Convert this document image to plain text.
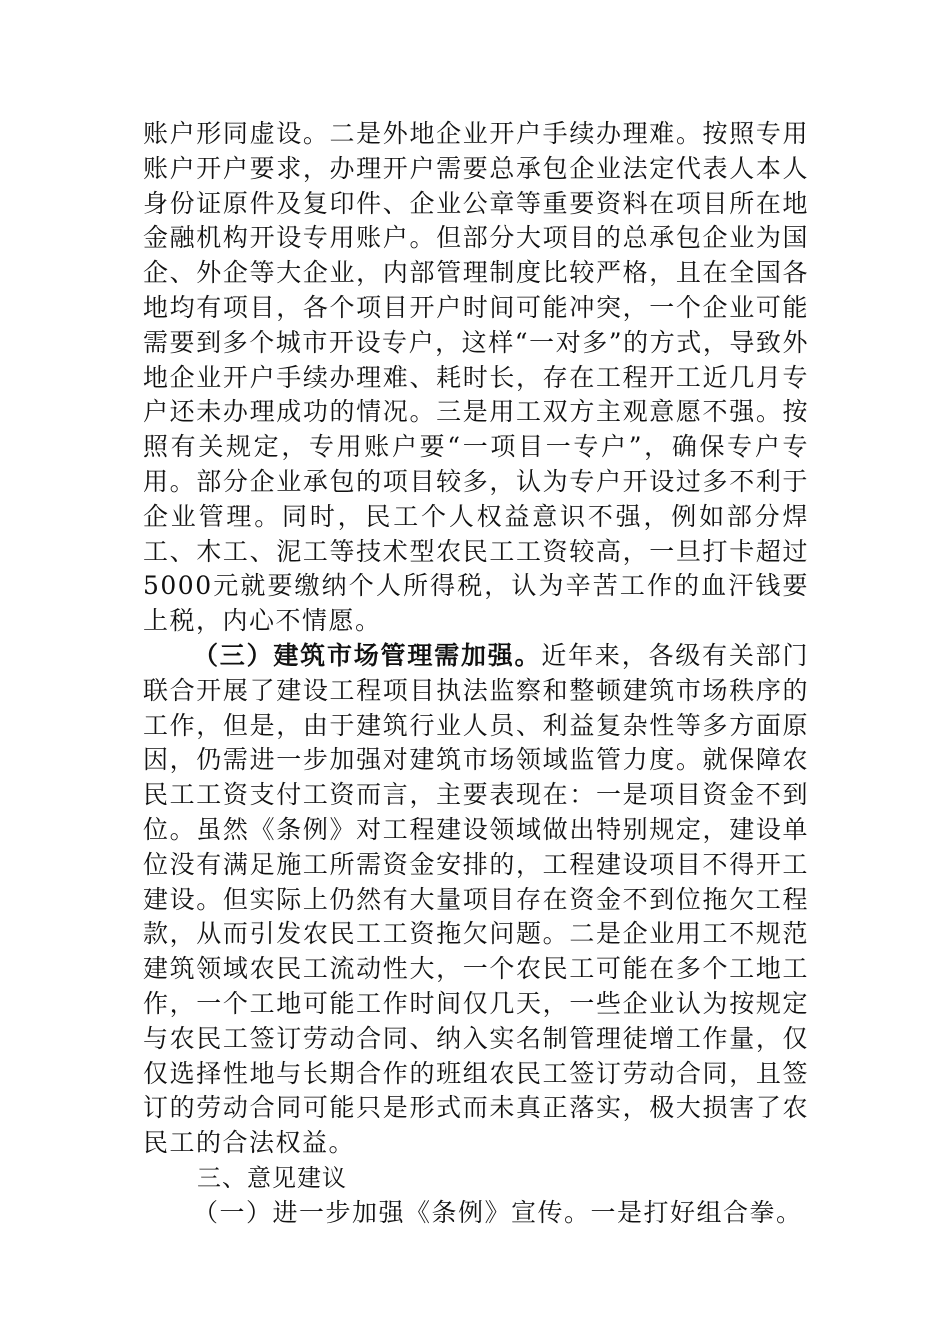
账户形同虚设。二是外地企业开户手续办理难。按照专用账户开户要求，办理开户需要总承包企业法定代表人本人身份证原件及复印件、企业公章等重要资料在项目所在地金融机构开设专用账户。但部分大项目的总承包企业为国企、外企等大企业，内部管理制度比较严格，且在全国各地均有项目，各个项目开户时间可能冲突，一个企业可能需要到多个城市开设专户，这样“一对多”的方式，导致外地企业开户手续办理难、耗时长，存在工程开工近几月专户还未办理成功的情况。三是用工双方主观意愿不强。按照有关规定，专用账户要“一项目一专户”，确保专户专用。部分企业承包的项目较多，认为专户开设过多不利于企业管理。同时，民工个人权益意识不强，例如部分焊工、木工、泥工等技术型农民工工资较高，一旦打卡超过5000元就要缴纳个人所得税，认为辛苦工作的血汗钱要上税，内心不情愿。

（三）建筑市场管理需加强。近年来，各级有关部门联合开展了建设工程项目执法监察和整顿建筑市场秩序的工作，但是，由于建筑行业人员、利益复杂性等多方面原因，仍需进一步加强对建筑市场领域监管力度。就保障农民工工资支付工资而言，主要表现在：一是项目资金不到位。虽然《条例》对工程建设领域做出特别规定，建设单位没有满足施工所需资金安排的，工程建设项目不得开工建设。但实际上仍然有大量项目存在资金不到位拖欠工程款，从而引发农民工工资拖欠问题。二是企业用工不规范建筑领域农民工流动性大，一个农民工可能在多个工地工作，一个工地可能工作时间仅几天，一些企业认为按规定与农民工签订劳动合同、纳入实名制管理徒增工作量，仅仅选择性地与长期合作的班组农民工签订劳动合同，且签订的劳动合同可能只是形式而未真正落实，极大损害了农民工的合法权益。

三、意见建议

（一）进一步加强《条例》宣传。一是打好组合拳。
